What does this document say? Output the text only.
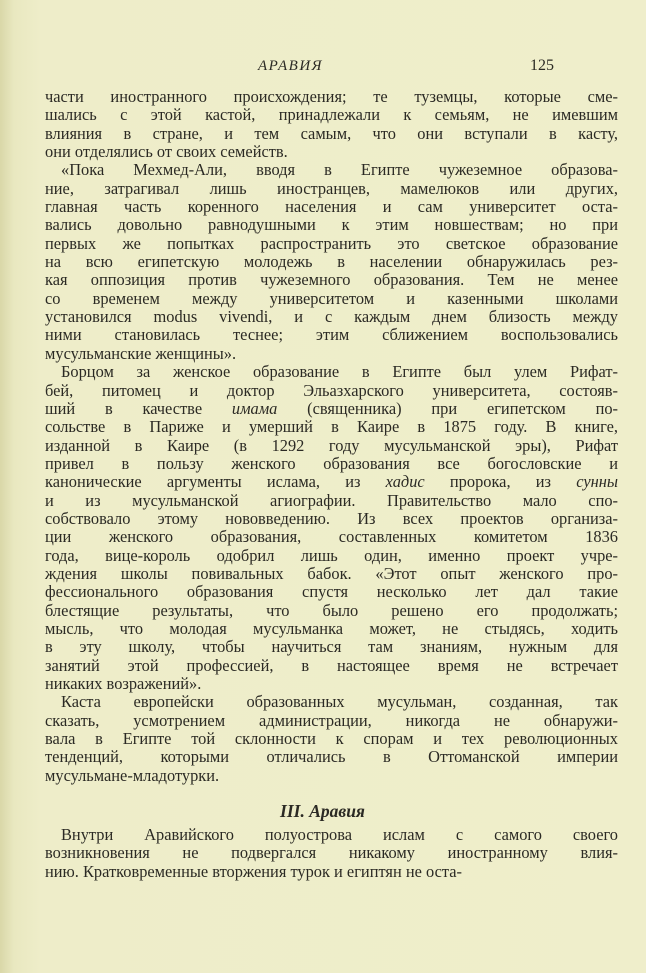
АРАВИЯ	125
части иностранного происхождения; те туземцы, которые сме-
шались с этой кастой, принадлежали к семьям, не имевшим
влияния в стране, и тем самым, что они вступали в касту,
они отделялись от своих семейств.
«Пока Мехмед-Али, вводя в Египте чужеземное образова-
ние, затрагивал лишь иностранцев, мамелюков или других,
главная часть коренного населения и сам университет оста-
вались довольно равнодушными к этим новшествам; но при
первых же попытках распространить это светское образование
на всю египетскую молодежь в населении обнаружилась рез-
кая оппозиция против чужеземного образования. Тем не менее
со временем между университетом и казенными школами
установился modus vivendi, и с каждым днем близость между
ними становилась теснее; этим сближением воспользовались
мусульманские женщины».
Борцом за женское образование в Египте был улем Рифат-
бей, питомец и доктор Эльазхарского университета, состояв-
ший в качестве имама (священника) при египетском по-
сольстве в Париже и умерший в Каире в 1875 году. В книге,
изданной в Каире (в 1292 году мусульманской эры), Рифат
привел в пользу женского образования все богословские и
канонические аргументы ислама, из хадис пророка, из сунны
и из мусульманской агиографии. Правительство мало спо-
собствовало этому нововведению. Из всех проектов организа-
ции женского образования, составленных комитетом 1836
года, вице-король одобрил лишь один, именно проект учре-
ждения школы повивальных бабок. «Этот опыт женского про-
фессионального образования спустя несколько лет дал такие
блестящие результаты, что было решено его продолжать;
мысль, что молодая мусульманка может, не стыдясь, ходить
в эту школу, чтобы научиться там знаниям, нужным для
занятий этой профессией, в настоящее время не встречает
никаких возражений».
Каста европейски образованных мусульман, созданная, так
сказать, усмотрением администрации, никогда не обнаружи-
вала в Египте той склонности к спорам и тех революционных
тенденций, которыми отличались в Оттоманской империи
мусульмане-младотурки.
III. Аравия
Внутри Аравийского полуострова ислам с самого своего
возникновения не подвергался никакому иностранному влия-
нию. Кратковременные вторжения турок и египтян не оста-
